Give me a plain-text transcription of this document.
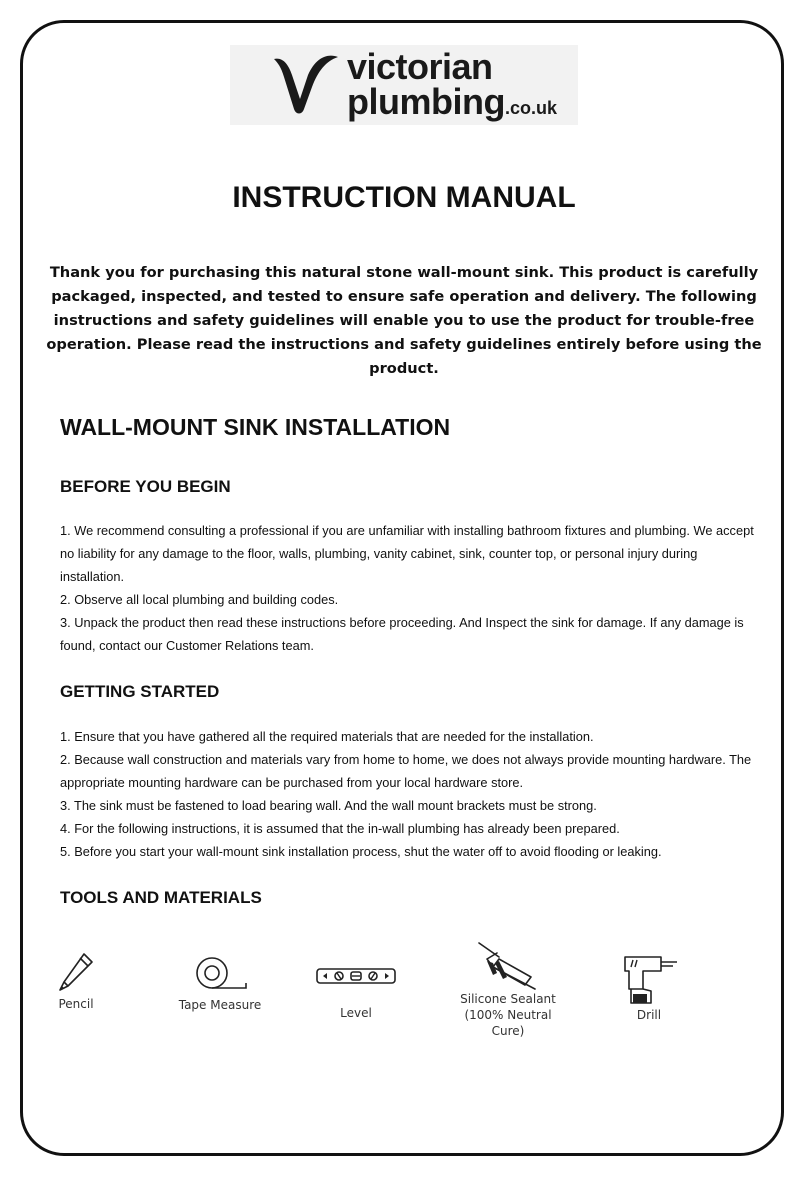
victorian
plumbing.co.uk
INSTRUCTION MANUAL

Thank you for purchasing this natural stone wall-mount sink. This product is carefully packaged, inspected, and tested to ensure safe operation and delivery. The following instructions and safety guidelines will enable you to use the product for trouble-free operation. Please read the instructions and safety guidelines entirely before using the product.

WALL-MOUNT SINK INSTALLATION
BEFORE YOU BEGIN
1. We recommend consulting a professional if you are unfamiliar with installing bathroom fixtures and plumbing. We accept no liability for any damage to the floor, walls, plumbing, vanity cabinet, sink, counter top, or personal injury during installation.
2. Observe all local plumbing and building codes.
3. Unpack the product then read these instructions before proceeding. And Inspect the sink for damage. If any damage is found, contact our Customer Relations team.
GETTING STARTED
1. Ensure that you have gathered all the required materials that are needed for the installation.
2. Because wall construction and materials vary from home to home, we does not always provide mounting hardware. The appropriate mounting hardware can be purchased from your local hardware store.
3. The sink must be fastened to load bearing wall. And the wall mount brackets must be strong.
4. For the following instructions, it is assumed that the in-wall plumbing has already been prepared.
5. Before you start your wall-mount sink installation process, shut the water off to avoid flooding or leaking.
TOOLS AND MATERIALS
Pencil	Tape Measure
Level
Silicone Sealant
(100% Neutral
Cure)
Drill
